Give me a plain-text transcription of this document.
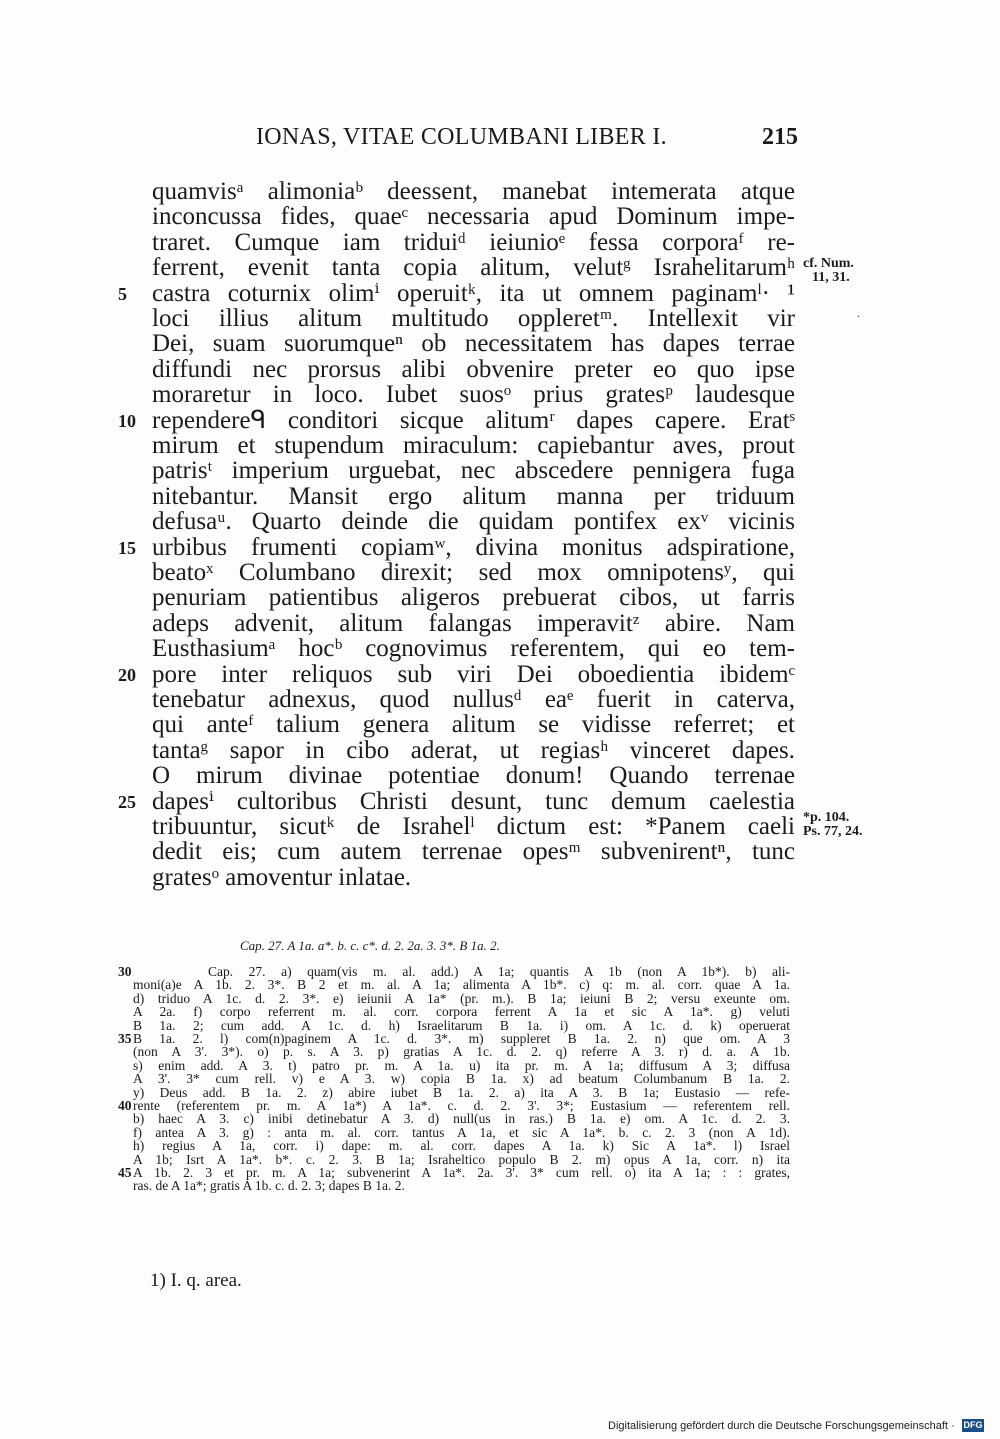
IONAS, VITAE COLUMBANI LIBER I.	215
quamvisᵃ alimoniaᵇ deessent, manebat intemerata atque
inconcussa fides, quaeᶜ necessaria apud Dominum impe-
traret. Cumque iam triduiᵈ ieiunioᵉ fessa corporaᶠ re-
ferrent, evenit tanta copia alitum, velutᵍ Israhelitarumʰ
castra coturnix olimⁱ operuitᵏ, ita ut omnem paginamˡ· ¹
loci illius alitum multitudo oppleretᵐ. Intellexit vir
Dei, suam suorumqueⁿ ob necessitatem has dapes terrae
diffundi nec prorsus alibi obvenire preter eo quo ipse
moraretur in loco. Iubet suosᵒ prius gratesᵖ laudesque
rependereᑫ conditori sicque alitumʳ dapes capere. Eratˢ
mirum et stupendum miraculum: capiebantur aves, prout
patrisᵗ imperium urguebat, nec abscedere pennigera fuga
nitebantur. Mansit ergo alitum manna per triduum
defusaᵘ. Quarto deinde die quidam pontifex exᵛ vicinis
urbibus frumenti copiamʷ, divina monitus adspiratione,
beatoˣ Columbano direxit; sed mox omnipotensʸ, qui
penuriam patientibus aligeros prebuerat cibos, ut farris
adeps advenit, alitum falangas imperavitᶻ abire. Nam
Eusthasiumᵃ hocᵇ cognovimus referentem, qui eo tem-
pore inter reliquos sub viri Dei oboedientia ibidemᶜ
tenebatur adnexus, quod nullusᵈ eaᵉ fuerit in caterva,
qui anteᶠ talium genera alitum se vidisse referret; et
tantaᵍ sapor in cibo aderat, ut regiasʰ vinceret dapes.
O mirum divinae potentiae donum! Quando terrenae
dapesⁱ cultoribus Christi desunt, tunc demum caelestia
tribuuntur, sicutᵏ de Israhelˡ dictum est: *Panem caeli
dedit eis; cum autem terrenae opesᵐ subvenirentⁿ, tunc
gratesᵒ amoventur inlatae.
5
10
15
20
25
cf. Num.
11, 31.
·
*p. 104.
Ps. 77, 24.
Cap. 27. A 1a. a*. b. c. c*. d. 2. 2a. 3. 3*. B 1a. 2.
Cap. 27. a) quam(vis m. al. add.) A 1a; quantis A 1b (non A 1b*). b) ali-
moni(a)e A 1b. 2. 3*. B 2 et m. al. A 1a; alimenta A 1b*. c) q: m. al. corr. quae A 1a.
d) triduo A 1c. d. 2. 3*. e) ieiunii A 1a* (pr. m.). B 1a; ieiuni B 2; versu exeunte om.
A 2a. f) corpo referrent m. al. corr. corpora ferrent A 1a et sic A 1a*. g) veluti
B 1a. 2; cum add. A 1c. d. h) Israelitarum B 1a. i) om. A 1c. d. k) operuerat
B 1a. 2. l) com(n)paginem A 1c. d. 3*. m) suppleret B 1a. 2. n) que om. A 3
(non A 3'. 3*). o) p. s. A 3. p) gratias A 1c. d. 2. q) referre A 3. r) d. a. A 1b.
s) enim add. A 3. t) patro pr. m. A 1a. u) ita pr. m. A 1a; diffusum A 3; diffusa
A 3'. 3* cum rell. v) e A 3. w) copia B 1a. x) ad beatum Columbanum B 1a. 2.
y) Deus add. B 1a. 2. z) abire iubet B 1a. 2. a) ita A 3. B 1a; Eustasio — refe-
rente (referentem pr. m. A 1a*) A 1a*. c. d. 2. 3'. 3*; Eustasium — referentem rell.
b) haec A 3. c) inibi detinebatur A 3. d) null(us in ras.) B 1a. e) om. A 1c. d. 2. 3.
f) antea A 3. g) : anta m. al. corr. tantus A 1a, et sic A 1a*. b. c. 2. 3 (non A 1d).
h) regius A 1a, corr. i) dape: m. al. corr. dapes A 1a. k) Sic A 1a*. l) Israel
A 1b; Isrt A 1a*. b*. c. 2. 3. B 1a; Israheltico populo B 2. m) opus A 1a, corr. n) ita
A 1b. 2. 3 et pr. m. A 1a; subvenerint A 1a*. 2a. 3'. 3* cum rell. o) ita A 1a; : : grates,
ras. de A 1a*; gratis A 1b. c. d. 2. 3; dapes B 1a. 2.
30
35
40
45
1) I. q. area.
Digitalisierung gefördert durch die Deutsche Forschungsgemeinschaft · DFG
